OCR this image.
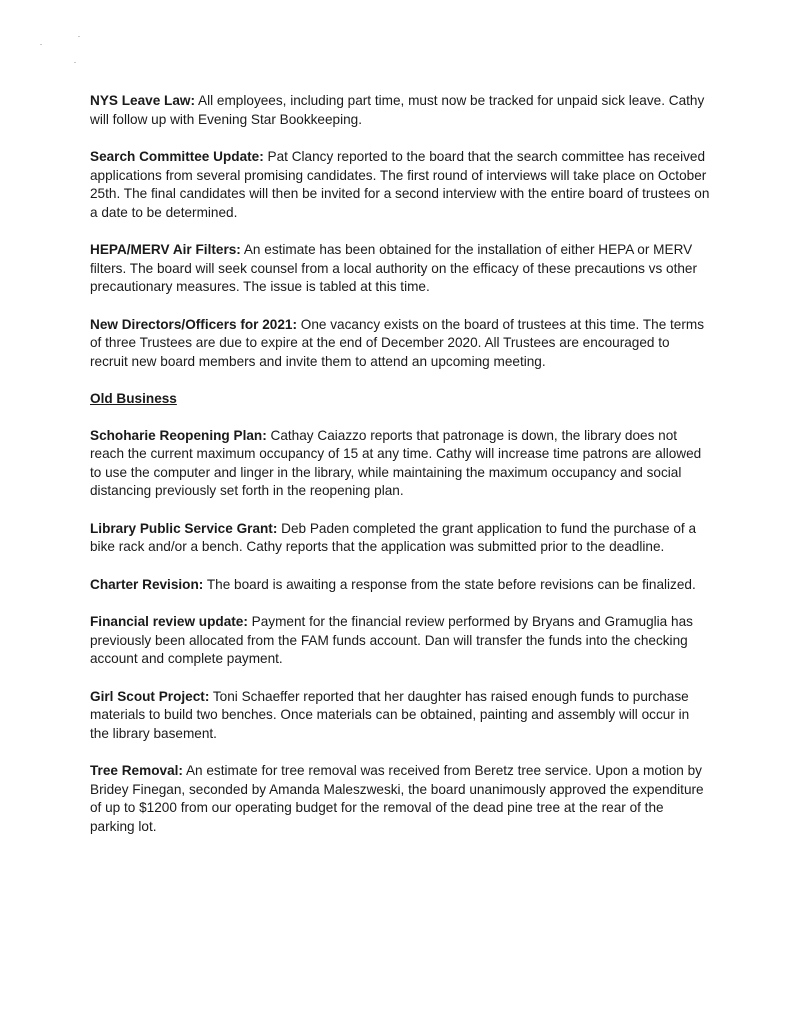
NYS Leave Law: All employees, including part time, must now be tracked for unpaid sick leave. Cathy will follow up with Evening Star Bookkeeping.

Search Committee Update: Pat Clancy reported to the board that the search committee has received applications from several promising candidates. The first round of interviews will take place on October 25th. The final candidates will then be invited for a second interview with the entire board of trustees on a date to be determined.

HEPA/MERV Air Filters: An estimate has been obtained for the installation of either HEPA or MERV filters. The board will seek counsel from a local authority on the efficacy of these precautions vs other precautionary measures. The issue is tabled at this time.

New Directors/Officers for 2021: One vacancy exists on the board of trustees at this time. The terms of three Trustees are due to expire at the end of December 2020. All Trustees are encouraged to recruit new board members and invite them to attend an upcoming meeting.

Old Business

Schoharie Reopening Plan: Cathay Caiazzo reports that patronage is down, the library does not reach the current maximum occupancy of 15 at any time. Cathy will increase time patrons are allowed to use the computer and linger in the library, while maintaining the maximum occupancy and social distancing previously set forth in the reopening plan.

Library Public Service Grant: Deb Paden completed the grant application to fund the purchase of a bike rack and/or a bench. Cathy reports that the application was submitted prior to the deadline.

Charter Revision: The board is awaiting a response from the state before revisions can be finalized.

Financial review update: Payment for the financial review performed by Bryans and Gramuglia has previously been allocated from the FAM funds account. Dan will transfer the funds into the checking account and complete payment.

Girl Scout Project: Toni Schaeffer reported that her daughter has raised enough funds to purchase materials to build two benches. Once materials can be obtained, painting and assembly will occur in the library basement.

Tree Removal: An estimate for tree removal was received from Beretz tree service. Upon a motion by Bridey Finegan, seconded by Amanda Maleszweski, the board unanimously approved the expenditure of up to $1200 from our operating budget for the removal of the dead pine tree at the rear of the parking lot.
